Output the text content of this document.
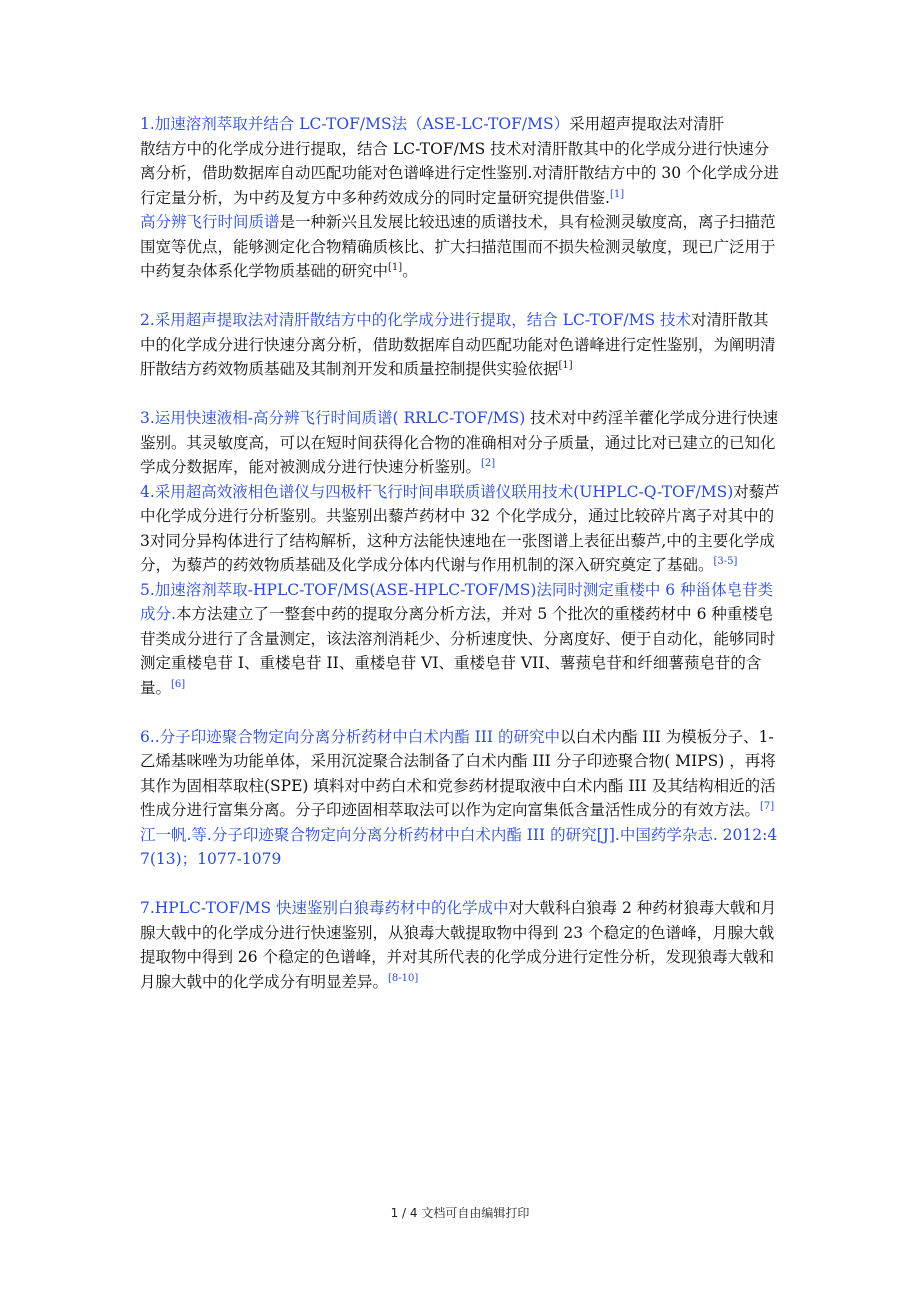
1.加速溶剂萃取并结合 LC-TOF/MS法（ASE-LC-TOF/MS）采用超声提取法对清肝
散结方中的化学成分进行提取，结合 LC-TOF/MS 技术对清肝散其中的化学成分进行快速分离分析，借助数据库自动匹配功能对色谱峰进行定性鉴别.对清肝散结方中的 30 个化学成分进行定量分析，为中药及复方中多种药效成分的同时定量研究提供借鉴.[1]

高分辨飞行时间质谱是一种新兴且发展比较迅速的质谱技术，具有检测灵敏度高，离子扫描范围宽等优点，能够测定化合物精确质核比、扩大扫描范围而不损失检测灵敏度，现已广泛用于中药复杂体系化学物质基础的研究中[1]。

2.采用超声提取法对清肝散结方中的化学成分进行提取，结合 LC-TOF/MS 技术对清肝散其中的化学成分进行快速分离分析，借助数据库自动匹配功能对色谱峰进行定性鉴别，为阐明清肝散结方药效物质基础及其制剂开发和质量控制提供实验依据[1]

3.运用快速液相-高分辨飞行时间质谱( RRLC-TOF/MS) 技术对中药淫羊藿化学成分进行快速鉴别。其灵敏度高，可以在短时间获得化合物的准确相对分子质量，通过比对已建立的已知化学成分数据库，能对被测成分进行快速分析鉴别。[2]

4.采用超高效液相色谱仪与四极杆飞行时间串联质谱仪联用技术(UHPLC-Q-TOF/MS)对藜芦中化学成分进行分析鉴别。共鉴别出藜芦药材中 32 个化学成分，通过比较碎片离子对其中的 3对同分异构体进行了结构解析，这种方法能快速地在一张图谱上表征出藜芦,中的主要化学成分，为藜芦的药效物质基础及化学成分体内代谢与作用机制的深入研究奠定了基础。[3-5]

5.加速溶剂萃取-HPLC-TOF/MS(ASE-HPLC-TOF/MS)法同时测定重楼中 6 种甾体皂苷类成分.本方法建立了一整套中药的提取分离分析方法，并对 5 个批次的重楼药材中 6 种重楼皂苷类成分进行了含量测定，该法溶剂消耗少、分析速度快、分离度好、便于自动化，能够同时测定重楼皂苷 I、重楼皂苷 II、重楼皂苷 VI、重楼皂苷 VII、薯蓣皂苷和纤细薯蓣皂苷的含量。[6]

6..分子印迹聚合物定向分离分析药材中白术内酯 III 的研究中以白术内酯 III 为模板分子、1-乙烯基咪唑为功能单体，采用沉淀聚合法制备了白术内酯 III 分子印迹聚合物( MIPS) ，再将其作为固相萃取柱(SPE) 填料对中药白术和党参药材提取液中白术内酯 III 及其结构相近的活性成分进行富集分离。分子印迹固相萃取法可以作为定向富集低含量活性成分的有效方法。[7]江一帆.等.分子印迹聚合物定向分离分析药材中白术内酯 III 的研究[J].中国药学杂志. 2012:47(13)；1077-1079

7.HPLC-TOF/MS 快速鉴别白狼毒药材中的化学成中对大戟科白狼毒 2 种药材狼毒大戟和月腺大戟中的化学成分进行快速鉴别，从狼毒大戟提取物中得到 23 个稳定的色谱峰，月腺大戟提取物中得到 26 个稳定的色谱峰，并对其所代表的化学成分进行定性分析，发现狼毒大戟和月腺大戟中的化学成分有明显差异。[8-10]

1 / 4 文档可自由编辑打印
